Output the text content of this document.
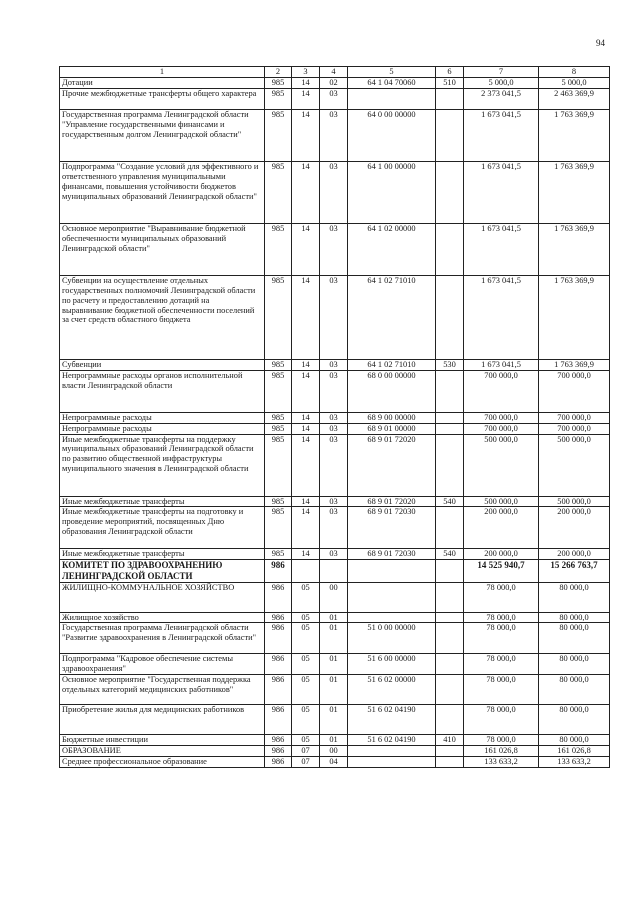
94
1	2	3	4	5	6	7	8
Дотации	985	14	02	64 1 04 70060	510	5 000,0	5 000,0
Прочие межбюджетные трансферты общего характера	985	14	03			2 373 041,5	2 463 369,9
Государственная программа Ленинградской области "Управление государственными финансами и государственным долгом Ленинградской области"	985	14	03	64 0 00 00000		1 673 041,5	1 763 369,9
Подпрограмма "Создание условий для эффективного и ответственного управления муниципальными финансами, повышения устойчивости бюджетов муниципальных образований Ленинградской области"	985	14	03	64 1 00 00000		1 673 041,5	1 763 369,9
Основное мероприятие "Выравнивание бюджетной обеспеченности муниципальных образований Ленинградской области"	985	14	03	64 1 02 00000		1 673 041,5	1 763 369,9
Субвенции на осуществление отдельных государственных полномочий Ленинградской области по расчету и предоставлению дотаций на выравнивание бюджетной обеспеченности поселений за счет средств областного бюджета	985	14	03	64 1 02 71010		1 673 041,5	1 763 369,9
Субвенции	985	14	03	64 1 02 71010	530	1 673 041,5	1 763 369,9
Непрограммные расходы органов исполнительной власти Ленинградской области	985	14	03	68 0 00 00000		700 000,0	700 000,0
Непрограммные расходы	985	14	03	68 9 00 00000		700 000,0	700 000,0
Непрограммные расходы	985	14	03	68 9 01 00000		700 000,0	700 000,0
Иные межбюджетные трансферты на поддержку муниципальных образований Ленинградской области по развитию общественной инфраструктуры муниципального значения в Ленинградской области	985	14	03	68 9 01 72020		500 000,0	500 000,0
Иные межбюджетные трансферты	985	14	03	68 9 01 72020	540	500 000,0	500 000,0
Иные межбюджетные трансферты на подготовку и проведение мероприятий, посвященных Дню образования Ленинградской области	985	14	03	68 9 01 72030		200 000,0	200 000,0
Иные межбюджетные трансферты	985	14	03	68 9 01 72030	540	200 000,0	200 000,0
КОМИТЕТ ПО ЗДРАВООХРАНЕНИЮ ЛЕНИНГРАДСКОЙ ОБЛАСТИ	986					14 525 940,7	15 266 763,7
ЖИЛИЩНО-КОММУНАЛЬНОЕ ХОЗЯЙСТВО	986	05	00			78 000,0	80 000,0
Жилищное хозяйство	986	05	01			78 000,0	80 000,0
Государственная программа Ленинградской области "Развитие здравоохранения в Ленинградской области"	986	05	01	51 0 00 00000		78 000,0	80 000,0
Подпрограмма "Кадровое обеспечение системы здравоохранения"	986	05	01	51 6 00 00000		78 000,0	80 000,0
Основное мероприятие "Государственная поддержка отдельных категорий медицинских работников"	986	05	01	51 6 02 00000		78 000,0	80 000,0
Приобретение жилья для медицинских работников	986	05	01	51 6 02 04190		78 000,0	80 000,0
Бюджетные инвестиции	986	05	01	51 6 02 04190	410	78 000,0	80 000,0
ОБРАЗОВАНИЕ	986	07	00			161 026,8	161 026,8
Среднее профессиональное образование	986	07	04			133 633,2	133 633,2
